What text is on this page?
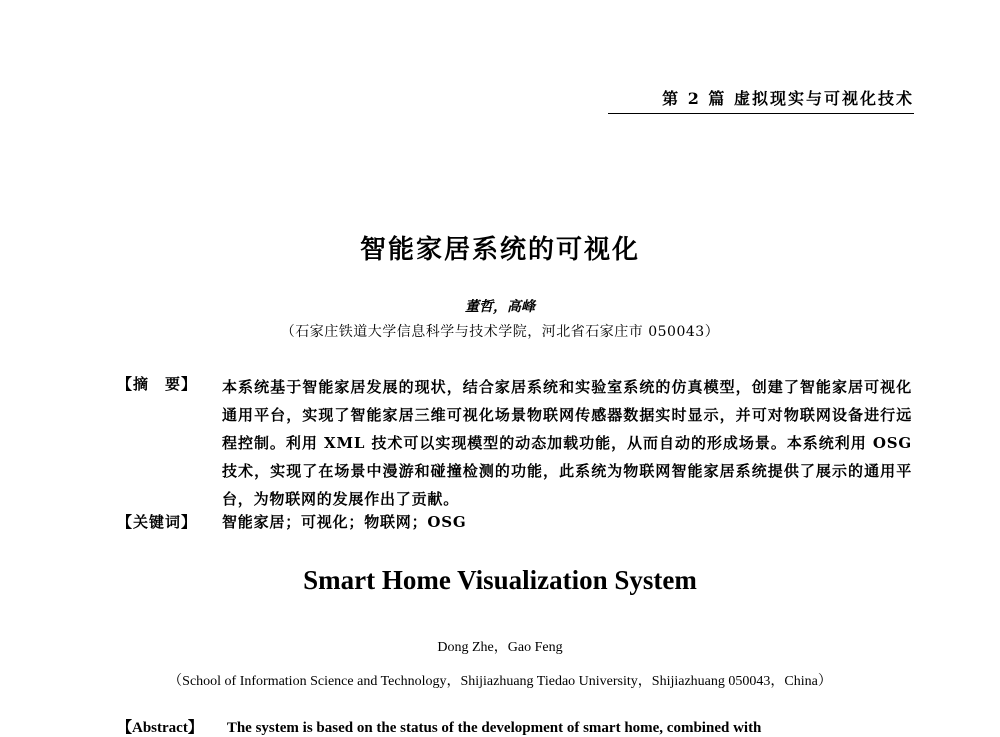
第 2 篇 虚拟现实与可视化技术
智能家居系统的可视化
董哲，高峰
（石家庄铁道大学信息科学与技术学院，河北省石家庄市 050043）
【摘　要】 本系统基于智能家居发展的现状，结合家居系统和实验室系统的仿真模型，创建了智能家居可视化通用平台，实现了智能家居三维可视化场景物联网传感器数据实时显示，并可对物联网设备进行远程控制。利用 XML 技术可以实现模型的动态加载功能，从而自动的形成场景。本系统利用 OSG 技术，实现了在场景中漫游和碰撞检测的功能，此系统为物联网智能家居系统提供了展示的通用平台，为物联网的发展作出了贡献。
【关键词】 智能家居；可视化；物联网；OSG
Smart Home Visualization System
Dong Zhe，Gao Feng
（School of Information Science and Technology，Shijiazhuang Tiedao University，Shijiazhuang 050043，China）
【Abstract】 The system is based on the status of the development of smart home, combined with
